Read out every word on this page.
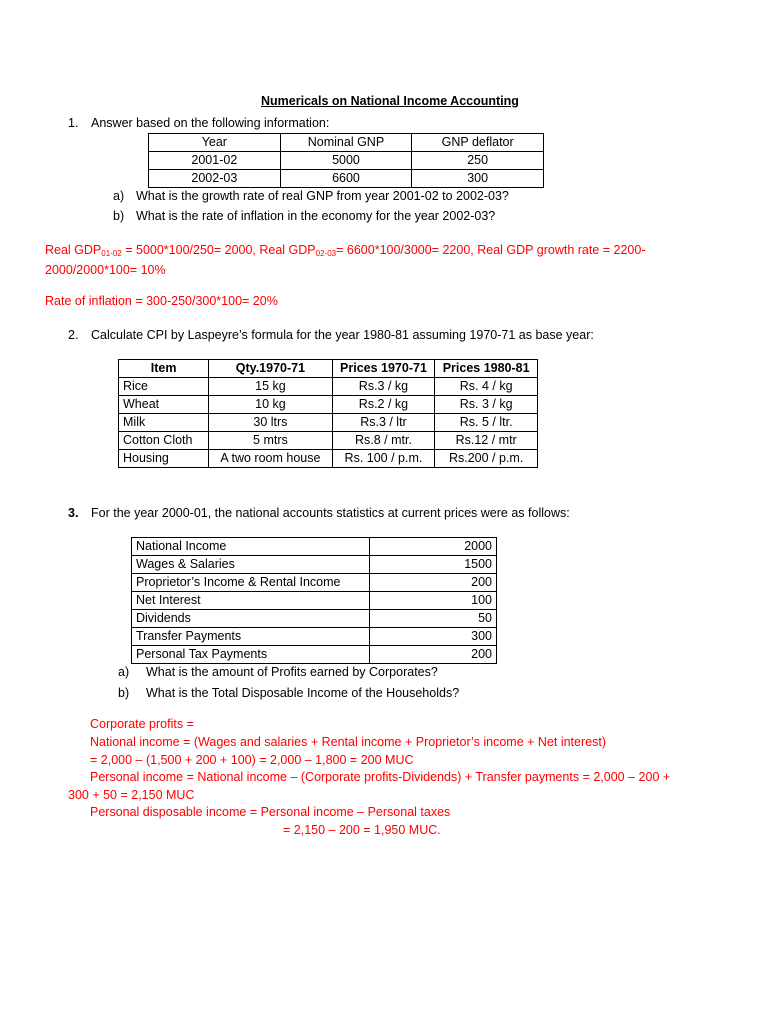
Numericals on National Income Accounting
1. Answer based on the following information:
Year	Nominal GNP	GNP deflator
2001-02	5000	250
2002-03	6600	300
a) What is the growth rate of real GNP from year 2001-02 to 2002-03?
b) What is the rate of inflation in the economy for the year 2002-03?
Real $GDP_{01-02} = 5000*100/250= 2000$, Real $GDP_{02-03}= 6600*100/3000= 2200$, Real GDP growth rate = 2200-
2000/2000*100= 10%
Rate of inflation = 300-250/300*100= 20%
2. Calculate CPI by Laspeyre’s formula for the year 1980-81 assuming 1970-71 as base year:
Item	Qty.1970-71	Prices 1970-71	Prices 1980-81
Rice	15 kg	Rs.3 / kg	Rs. 4 / kg
Wheat	10 kg	Rs.2 / kg	Rs. 3 / kg
Milk	30 ltrs	Rs.3 / ltr	Rs. 5 / ltr.
Cotton Cloth	5 mtrs	Rs.8 / mtr.	Rs.12 / mtr
Housing	A two room house	Rs. 100 / p.m.	Rs.200 / p.m.
3. For the year 2000-01, the national accounts statistics at current prices were as follows:
National Income	2000
Wages & Salaries	1500
Proprietor’s Income & Rental Income	200
Net Interest	100
Dividends	50
Transfer Payments	300
Personal Tax Payments	200
a) What is the amount of Profits earned by Corporates?
b) What is the Total Disposable Income of the Households?
Corporate profits =
National income = (Wages and salaries + Rental income + Proprietor’s income + Net interest)
= 2,000 – (1,500 + 200 + 100) = 2,000 – 1,800 = 200 MUC
Personal income = National income – (Corporate profits-Dividends) + Transfer payments = 2,000 – 200 +
300 + 50 = 2,150 MUC
Personal disposable income = Personal income – Personal taxes
= 2,150 – 200 = 1,950 MUC.
